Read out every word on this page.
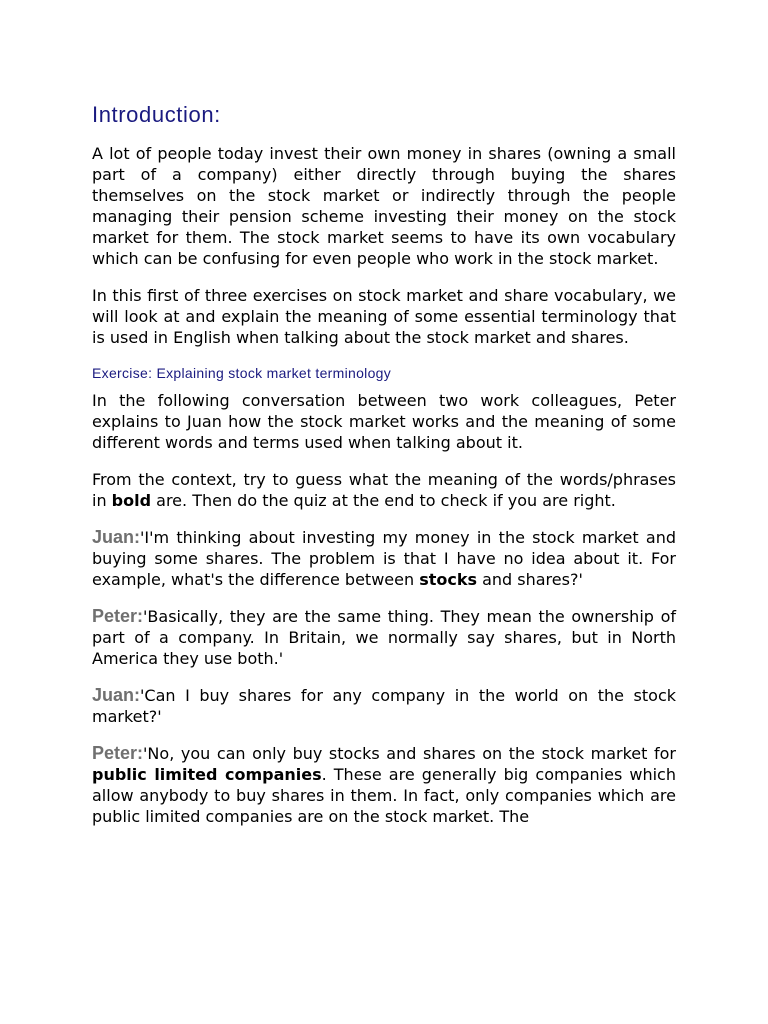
Introduction:

A lot of people today invest their own money in shares (owning a small part of a company) either directly through buying the shares themselves on the stock market or indirectly through the people managing their pension scheme investing their money on the stock market for them. The stock market seems to have its own vocabulary which can be confusing for even people who work in the stock market.

In this first of three exercises on stock market and share vocabulary, we will look at and explain the meaning of some essential terminology that is used in English when talking about the stock market and shares.

Exercise: Explaining stock market terminology

In the following conversation between two work colleagues, Peter explains to Juan how the stock market works and the meaning of some different words and terms used when talking about it.

From the context, try to guess what the meaning of the words/phrases in bold are. Then do the quiz at the end to check if you are right.

Juan:'I'm thinking about investing my money in the stock market and buying some shares. The problem is that I have no idea about it. For example, what's the difference between stocks and shares?'

Peter:'Basically, they are the same thing. They mean the ownership of part of a company. In Britain, we normally say shares, but in North America they use both.'

Juan:'Can I buy shares for any company in the world on the stock market?'

Peter:'No, you can only buy stocks and shares on the stock market for public limited companies. These are generally big companies which allow anybody to buy shares in them. In fact, only companies which are public limited companies are on the stock market. The
